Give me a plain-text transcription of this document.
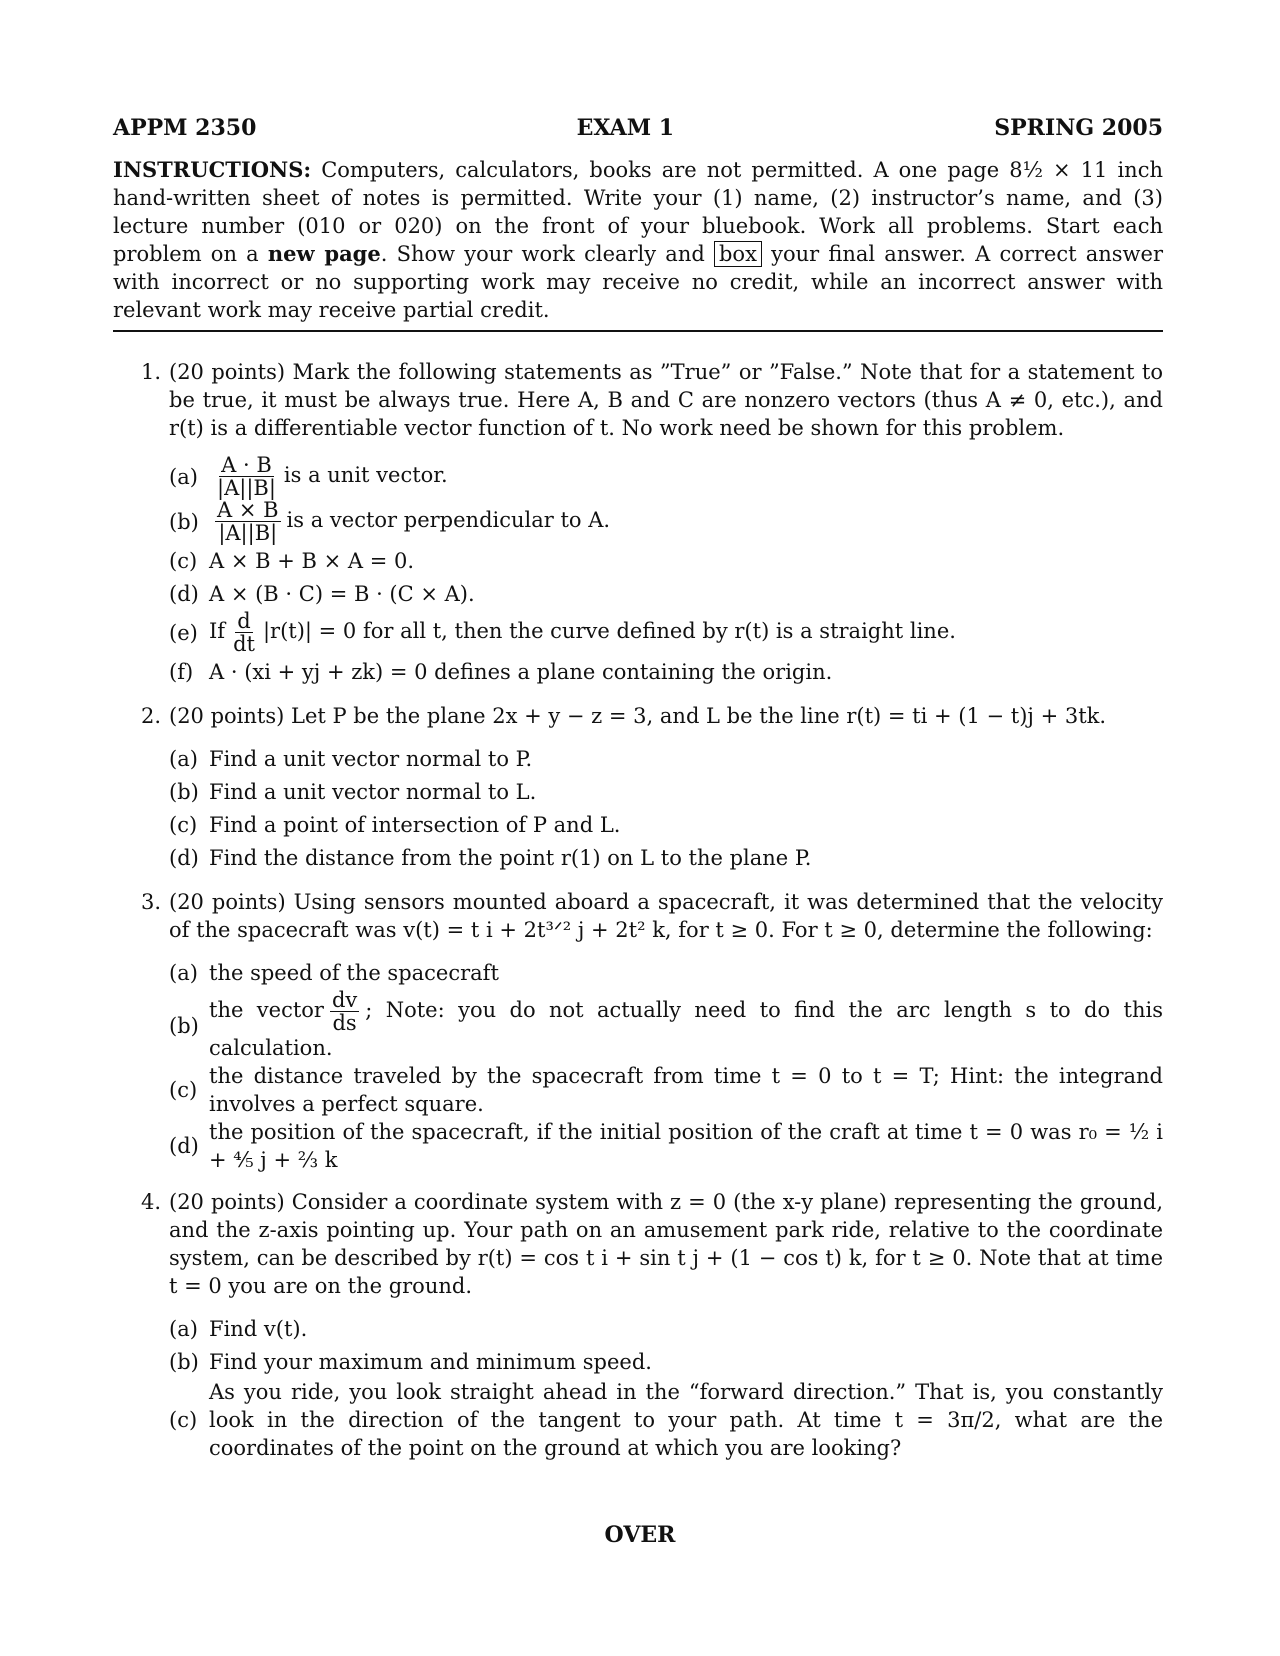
APPM 2350	EXAM 1	SPRING 2005
INSTRUCTIONS: Computers, calculators, books are not permitted. A one page 8½ × 11 inch hand-written sheet of notes is permitted. Write your (1) name, (2) instructor’s name, and (3) lecture number (010 or 020) on the front of your bluebook. Work all problems. Start each problem on a new page. Show your work clearly and box your final answer. A correct answer with incorrect or no supporting work may receive no credit, while an incorrect answer with relevant work may receive partial credit.
1. (20 points) Mark the following statements as ”True” or ”False.” Note that for a statement to be true, it must be always true. Here A, B and C are nonzero vectors (thus A ≠ 0, etc.), and r(t) is a differentiable vector function of t. No work need be shown for this problem.
$(a) \frac{A \cdot B}{|A||B|}$ is a unit vector.
$(b) \frac{A \times B}{|A||B|}$ is a vector perpendicular to A.
(c) A × B + B × A = 0.
(d) A × (B · C) = B · (C × A).
(e) If $\frac{d}{dt} |r(t)| = 0$ for all t, then the curve defined by r(t) is a straight line.
(f) A · (xi + yj + zk) = 0 defines a plane containing the origin.
2. (20 points) Let P be the plane 2x + y − z = 3, and L be the line r(t) = ti + (1 − t)j + 3tk.
(a) Find a unit vector normal to P.
(b) Find a unit vector normal to L.
(c) Find a point of intersection of P and L.
(d) Find the distance from the point r(1) on L to the plane P.
3. (20 points) Using sensors mounted aboard a spacecraft, it was determined that the velocity of the spacecraft was v(t) = t i + 2t³ᐟ² j + 2t² k, for t ≥ 0. For t ≥ 0, determine the following:
(a) the speed of the spacecraft
(b)
the vector $\frac{dv}{ds}$ ; Note: you do not actually need to find the arc length s to do this calculation.
(c)
the distance traveled by the spacecraft from time t = 0 to t = T; Hint: the integrand involves a perfect square.
(d)
the position of the spacecraft, if the initial position of the craft at time t = 0 was r₀ = ½ i + ⁴⁄₅ j + ⅔ k
4. (20 points) Consider a coordinate system with z = 0 (the x-y plane) representing the ground, and the z-axis pointing up. Your path on an amusement park ride, relative to the coordinate system, can be described by r(t) = cos t i + sin t j + (1 − cos t) k, for t ≥ 0. Note that at time t = 0 you are on the ground.
(a) Find v(t).
(b) Find your maximum and minimum speed.
(c)
As you ride, you look straight ahead in the “forward direction.” That is, you constantly look in the direction of the tangent to your path. At time t = 3π/2, what are the coordinates of the point on the ground at which you are looking?
OVER
